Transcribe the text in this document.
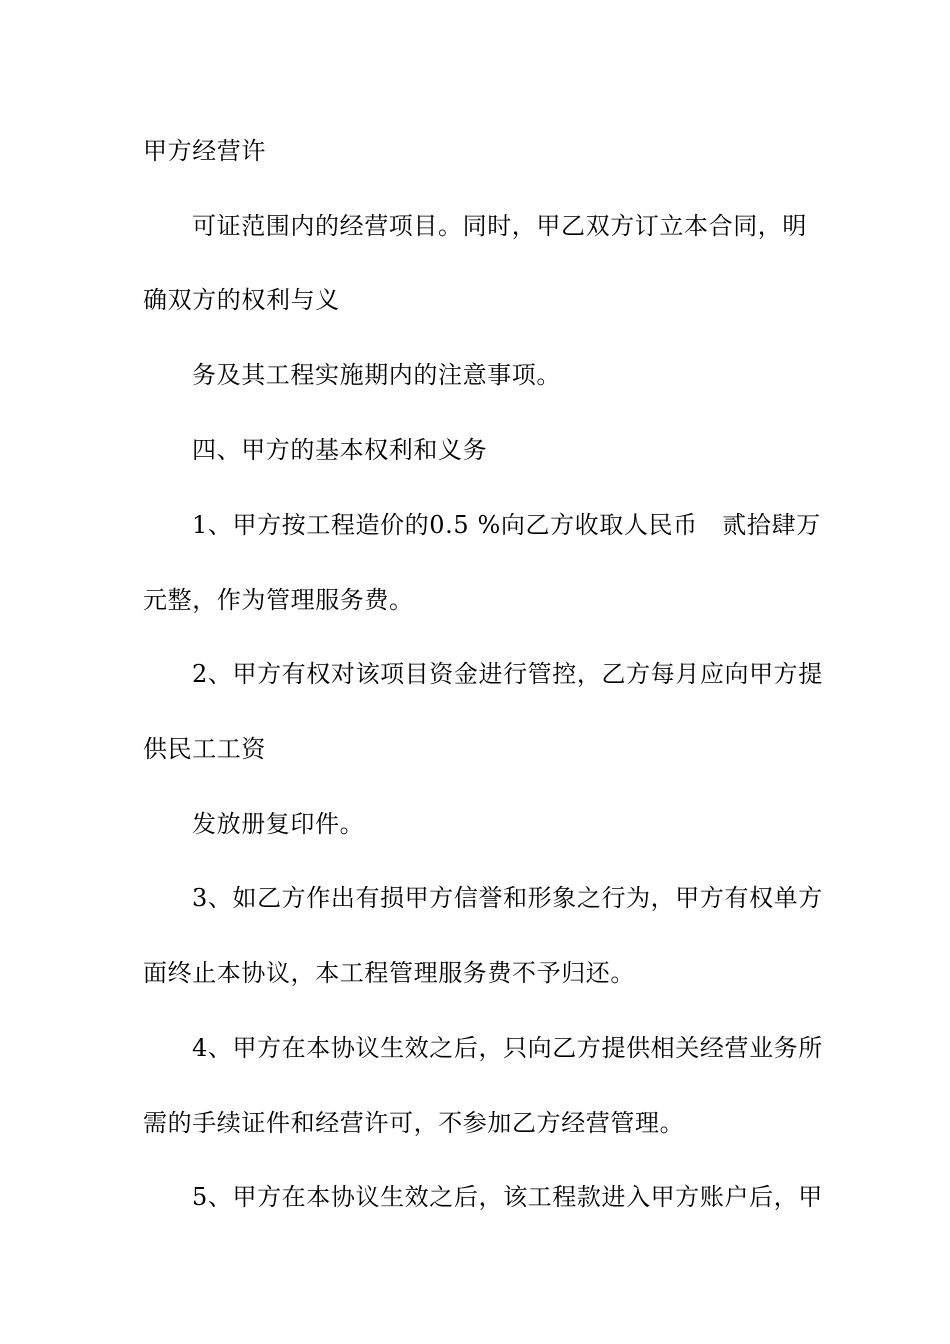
甲方经营许
可证范围内的经营项目。同时，甲乙双方订立本合同，明
确双方的权利与义
务及其工程实施期内的注意事项。
四、甲方的基本权利和义务
1、甲方按工程造价的0.5 %向乙方收取人民币　贰拾肆万
元整，作为管理服务费。
2、甲方有权对该项目资金进行管控，乙方每月应向甲方提
供民工工资
发放册复印件。
3、如乙方作出有损甲方信誉和形象之行为，甲方有权单方
面终止本协议，本工程管理服务费不予归还。
4、甲方在本协议生效之后，只向乙方提供相关经营业务所
需的手续证件和经营许可，不参加乙方经营管理。
5、甲方在本协议生效之后，该工程款进入甲方账户后，甲
